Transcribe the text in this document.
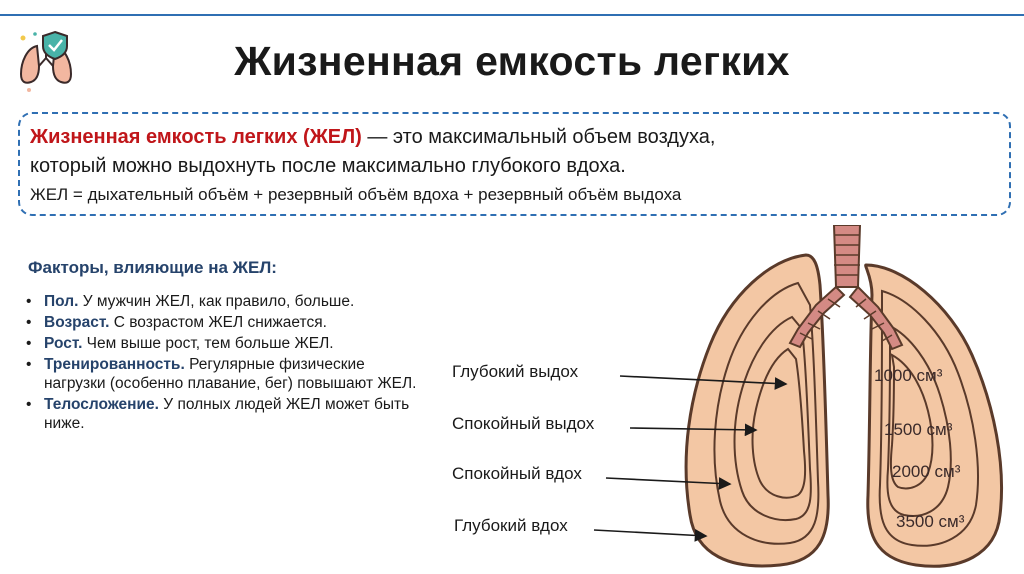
Жизненная емкость легких
Жизненная емкость легких (ЖЕЛ) — это максимальный объем воздуха,
который можно выдохнуть после максимально глубокого вдоха.
ЖЕЛ = дыхательный объём + резервный объём вдоха + резервный объём выдоха
Факторы, влияющие на ЖЕЛ:
• Пол. У мужчин ЖЕЛ, как правило, больше.
• Возраст. С возрастом ЖЕЛ снижается.
• Рост. Чем выше рост, тем больше ЖЕЛ.
• Тренированность. Регулярные физические нагрузки (особенно плавание, бег) повышают ЖЕЛ.
• Телосложение. У полных людей ЖЕЛ может быть ниже.
1000 см³
1500 см³
2000 см³
3500 см³
Глубокий выдох
Спокойный выдох
Спокойный вдох
Глубокий вдох
